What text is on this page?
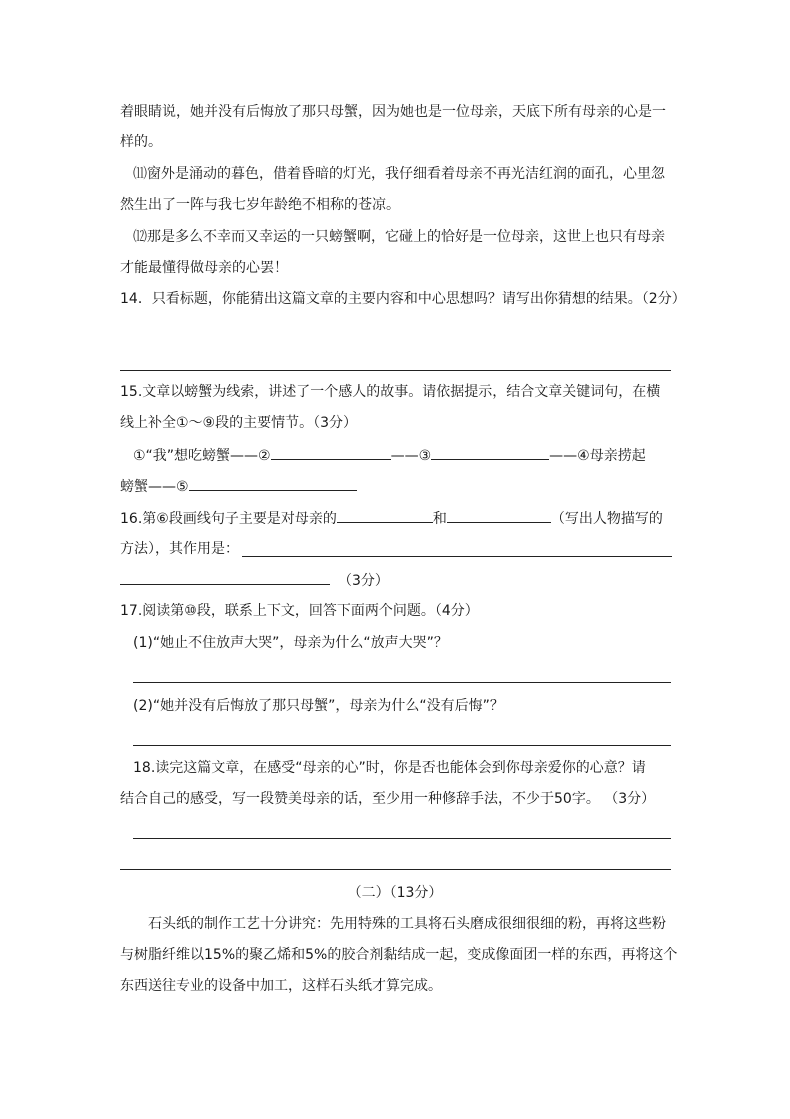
着眼睛说，她并没有后悔放了那只母蟹，因为她也是一位母亲，天底下所有母亲的心是一
样的。
⑾窗外是涌动的暮色，借着昏暗的灯光，我仔细看着母亲不再光洁红润的面孔，心里忽
然生出了一阵与我七岁年龄绝不相称的苍凉。
⑿那是多么不幸而又幸运的一只螃蟹啊，它碰上的恰好是一位母亲，这世上也只有母亲
才能最懂得做母亲的心罢！
14．只看标题，你能猜出这篇文章的主要内容和中心思想吗？请写出你猜想的结果。（2分）
15.文章以螃蟹为线索，讲述了一个感人的故事。请依据提示，结合文章关键词句，在横
线上补全①～⑨段的主要情节。（3分）
①“我”想吃螃蟹——②	——③	——④母亲捞起
螃蟹——⑤
16.第⑥段画线句子主要是对母亲的	和	（写出人物描写的
方法），其作用是：
（3分）
17.阅读第⑩段，联系上下文，回答下面两个问题。（4分）
(1)“她止不住放声大哭”，母亲为什么“放声大哭”？
(2)“她并没有后悔放了那只母蟹”，母亲为什么“没有后悔”？
18.读完这篇文章，在感受“母亲的心”时，你是否也能体会到你母亲爱你的心意？请
结合自己的感受，写一段赞美母亲的话，至少用一种修辞手法，不少于50字。 （3分）
（二）（13分）
石头纸的制作工艺十分讲究：先用特殊的工具将石头磨成很细很细的粉，再将这些粉
与树脂纤维以15%的聚乙烯和5%的胶合剂黏结成一起，变成像面团一样的东西，再将这个
东西送往专业的设备中加工，这样石头纸才算完成。
